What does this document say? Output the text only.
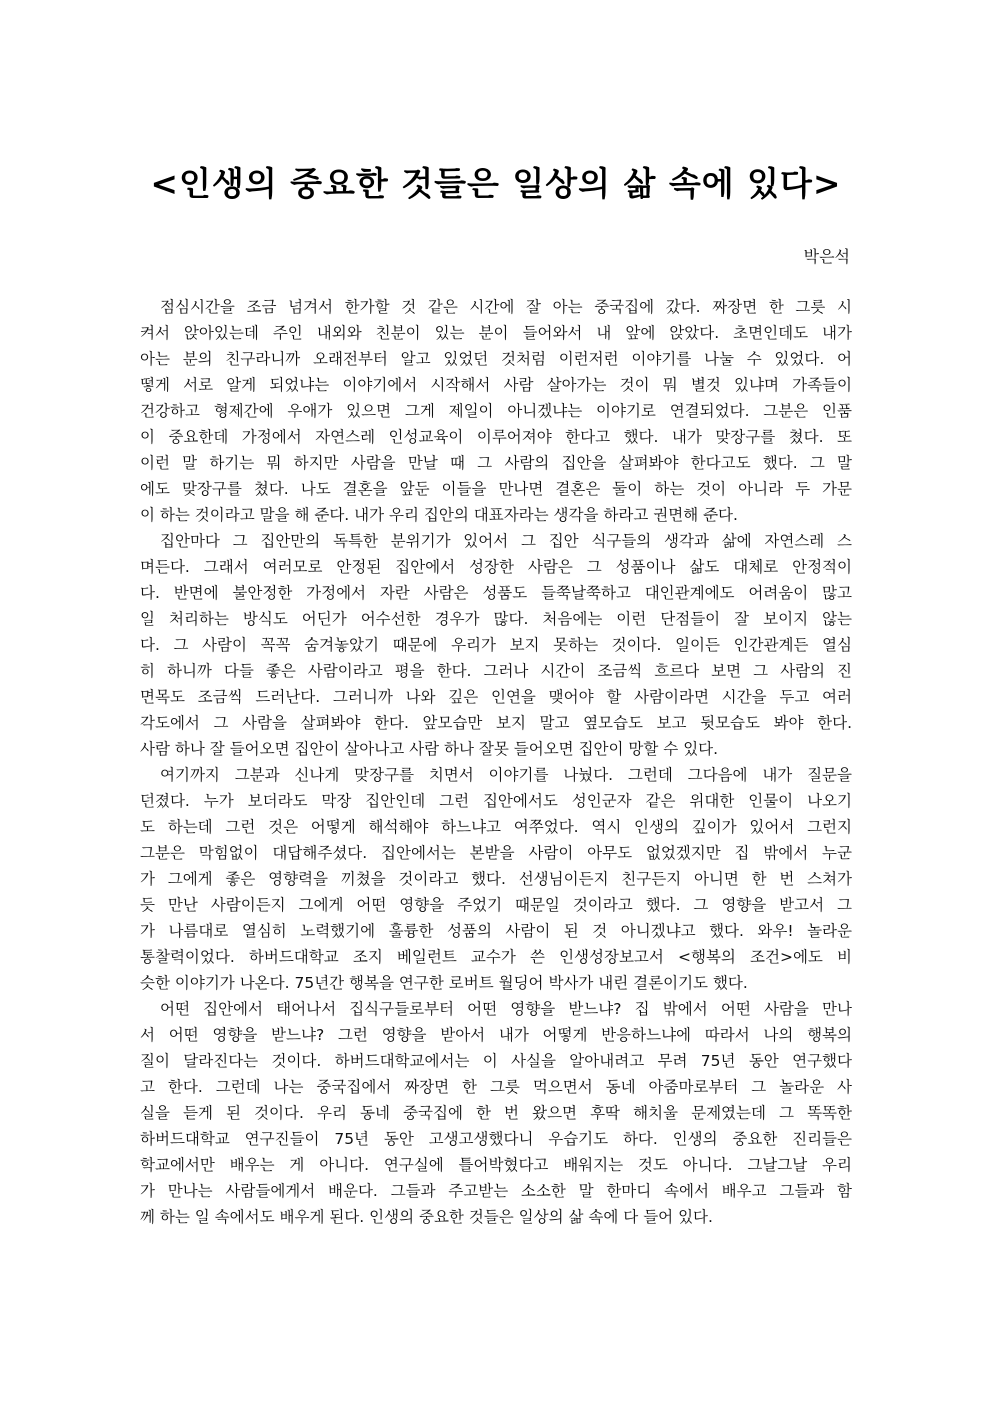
<인생의 중요한 것들은 일상의 삶 속에 있다>
박은석
점심시간을 조금 넘겨서 한가할 것 같은 시간에 잘 아는 중국집에 갔다. 짜장면 한 그릇 시
켜서 앉아있는데 주인 내외와 친분이 있는 분이 들어와서 내 앞에 앉았다. 초면인데도 내가
아는 분의 친구라니까 오래전부터 알고 있었던 것처럼 이런저런 이야기를 나눌 수 있었다. 어
떻게 서로 알게 되었냐는 이야기에서 시작해서 사람 살아가는 것이 뭐 별것 있냐며 가족들이
건강하고 형제간에 우애가 있으면 그게 제일이 아니겠냐는 이야기로 연결되었다. 그분은 인품
이 중요한데 가정에서 자연스레 인성교육이 이루어져야 한다고 했다. 내가 맞장구를 쳤다. 또
이런 말 하기는 뭐 하지만 사람을 만날 때 그 사람의 집안을 살펴봐야 한다고도 했다. 그 말
에도 맞장구를 쳤다. 나도 결혼을 앞둔 이들을 만나면 결혼은 둘이 하는 것이 아니라 두 가문
이 하는 것이라고 말을 해 준다. 내가 우리 집안의 대표자라는 생각을 하라고 권면해 준다.
집안마다 그 집안만의 독특한 분위기가 있어서 그 집안 식구들의 생각과 삶에 자연스레 스
며든다. 그래서 여러모로 안정된 집안에서 성장한 사람은 그 성품이나 삶도 대체로 안정적이
다. 반면에 불안정한 가정에서 자란 사람은 성품도 들쭉날쭉하고 대인관계에도 어려움이 많고
일 처리하는 방식도 어딘가 어수선한 경우가 많다. 처음에는 이런 단점들이 잘 보이지 않는
다. 그 사람이 꼭꼭 숨겨놓았기 때문에 우리가 보지 못하는 것이다. 일이든 인간관계든 열심
히 하니까 다들 좋은 사람이라고 평을 한다. 그러나 시간이 조금씩 흐르다 보면 그 사람의 진
면목도 조금씩 드러난다. 그러니까 나와 깊은 인연을 맺어야 할 사람이라면 시간을 두고 여러
각도에서 그 사람을 살펴봐야 한다. 앞모습만 보지 말고 옆모습도 보고 뒷모습도 봐야 한다.
사람 하나 잘 들어오면 집안이 살아나고 사람 하나 잘못 들어오면 집안이 망할 수 있다.
여기까지 그분과 신나게 맞장구를 치면서 이야기를 나눴다. 그런데 그다음에 내가 질문을
던졌다. 누가 보더라도 막장 집안인데 그런 집안에서도 성인군자 같은 위대한 인물이 나오기
도 하는데 그런 것은 어떻게 해석해야 하느냐고 여쭈었다. 역시 인생의 깊이가 있어서 그런지
그분은 막힘없이 대답해주셨다. 집안에서는 본받을 사람이 아무도 없었겠지만 집 밖에서 누군
가 그에게 좋은 영향력을 끼쳤을 것이라고 했다. 선생님이든지 친구든지 아니면 한 번 스쳐가
듯 만난 사람이든지 그에게 어떤 영향을 주었기 때문일 것이라고 했다. 그 영향을 받고서 그
가 나름대로 열심히 노력했기에 훌륭한 성품의 사람이 된 것 아니겠냐고 했다. 와우! 놀라운
통찰력이었다. 하버드대학교 조지 베일런트 교수가 쓴 인생성장보고서 <행복의 조건>에도 비
슷한 이야기가 나온다. 75년간 행복을 연구한 로버트 월딩어 박사가 내린 결론이기도 했다.
어떤 집안에서 태어나서 집식구들로부터 어떤 영향을 받느냐? 집 밖에서 어떤 사람을 만나
서 어떤 영향을 받느냐? 그런 영향을 받아서 내가 어떻게 반응하느냐에 따라서 나의 행복의
질이 달라진다는 것이다. 하버드대학교에서는 이 사실을 알아내려고 무려 75년 동안 연구했다
고 한다. 그런데 나는 중국집에서 짜장면 한 그릇 먹으면서 동네 아줌마로부터 그 놀라운 사
실을 듣게 된 것이다. 우리 동네 중국집에 한 번 왔으면 후딱 해치울 문제였는데 그 똑똑한
하버드대학교 연구진들이 75년 동안 고생고생했다니 우습기도 하다. 인생의 중요한 진리들은
학교에서만 배우는 게 아니다. 연구실에 틀어박혔다고 배워지는 것도 아니다. 그날그날 우리
가 만나는 사람들에게서 배운다. 그들과 주고받는 소소한 말 한마디 속에서 배우고 그들과 함
께 하는 일 속에서도 배우게 된다. 인생의 중요한 것들은 일상의 삶 속에 다 들어 있다.
